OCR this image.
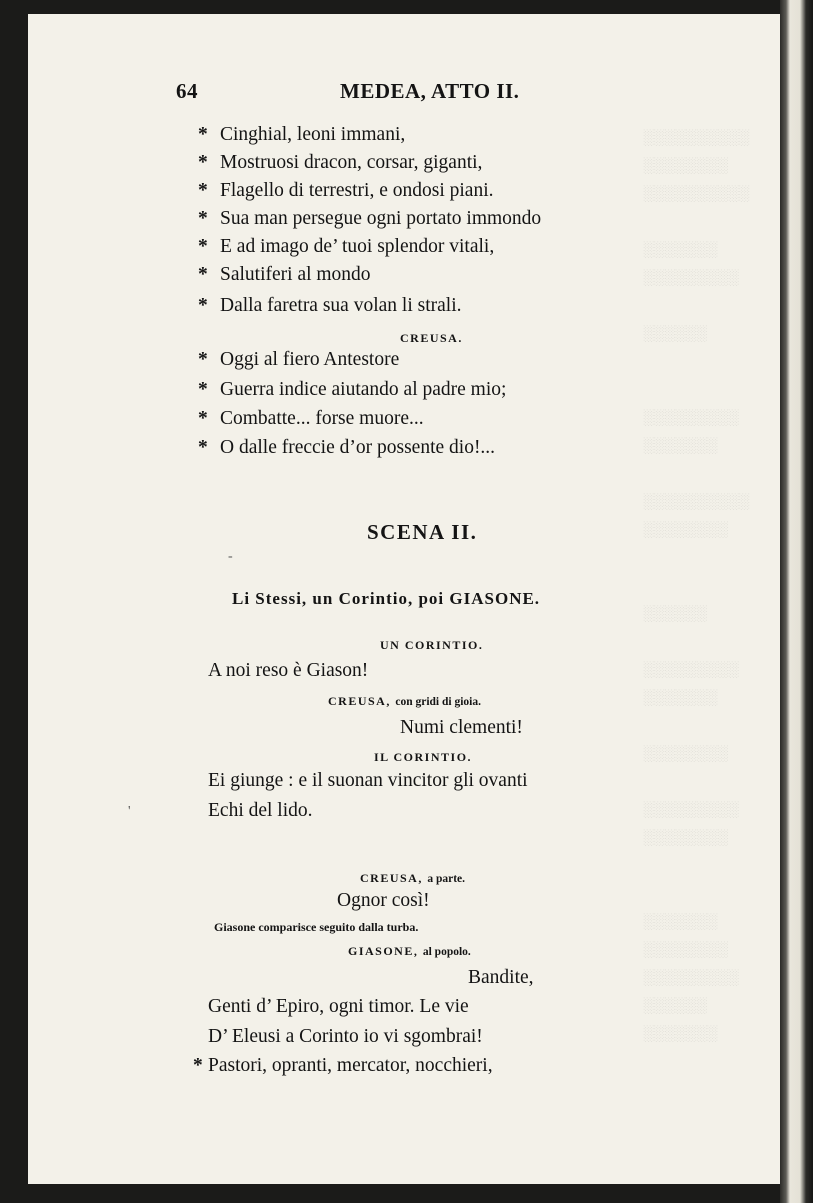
░░░░░░░░░░
░░░░░░░░
░░░░░░░░░░

░░░░░░░
░░░░░░░░░

░░░░░░

░░░░░░░░░
░░░░░░░

░░░░░░░░░░
░░░░░░░░

░░░░░░

░░░░░░░░░
░░░░░░░

░░░░░░░░

░░░░░░░░░
░░░░░░░░

░░░░░░░
░░░░░░░░
░░░░░░░░░
░░░░░░
░░░░░░░

64	MEDEA, ATTO II.
* Cinghial, leoni immani,
* Mostruosi dracon, corsar, giganti,
* Flagello di terrestri, e ondosi piani.
* Sua man persegue ogni portato immondo
* E ad imago de’ tuoi splendor vitali,
* Salutiferi al mondo
* Dalla faretra sua volan li strali.
CREUSA.
* Oggi al fiero Antestore
* Guerra indice aiutando al padre mio;
* Combatte... forse muore...
* O dalle freccie d’or possente dio!...
SCENA II.
Li Stessi, un Corintio, poi GIASONE.
UN CORINTIO.
A noi reso è Giason!
CREUSA, con gridi di gioia.
Numi clementi!
IL CORINTIO.
Ei giunge : e il suonan vincitor gli ovanti
Echi del lido.
CREUSA, a parte.
Ognor così!
Giasone comparisce seguito dalla turba.
GIASONE, al popolo.
Bandite,
Genti d’ Epiro, ogni timor. Le vie
D’ Eleusi a Corinto io vi sgombrai!
* Pastori, opranti, mercator, nocchieri,
'
-
